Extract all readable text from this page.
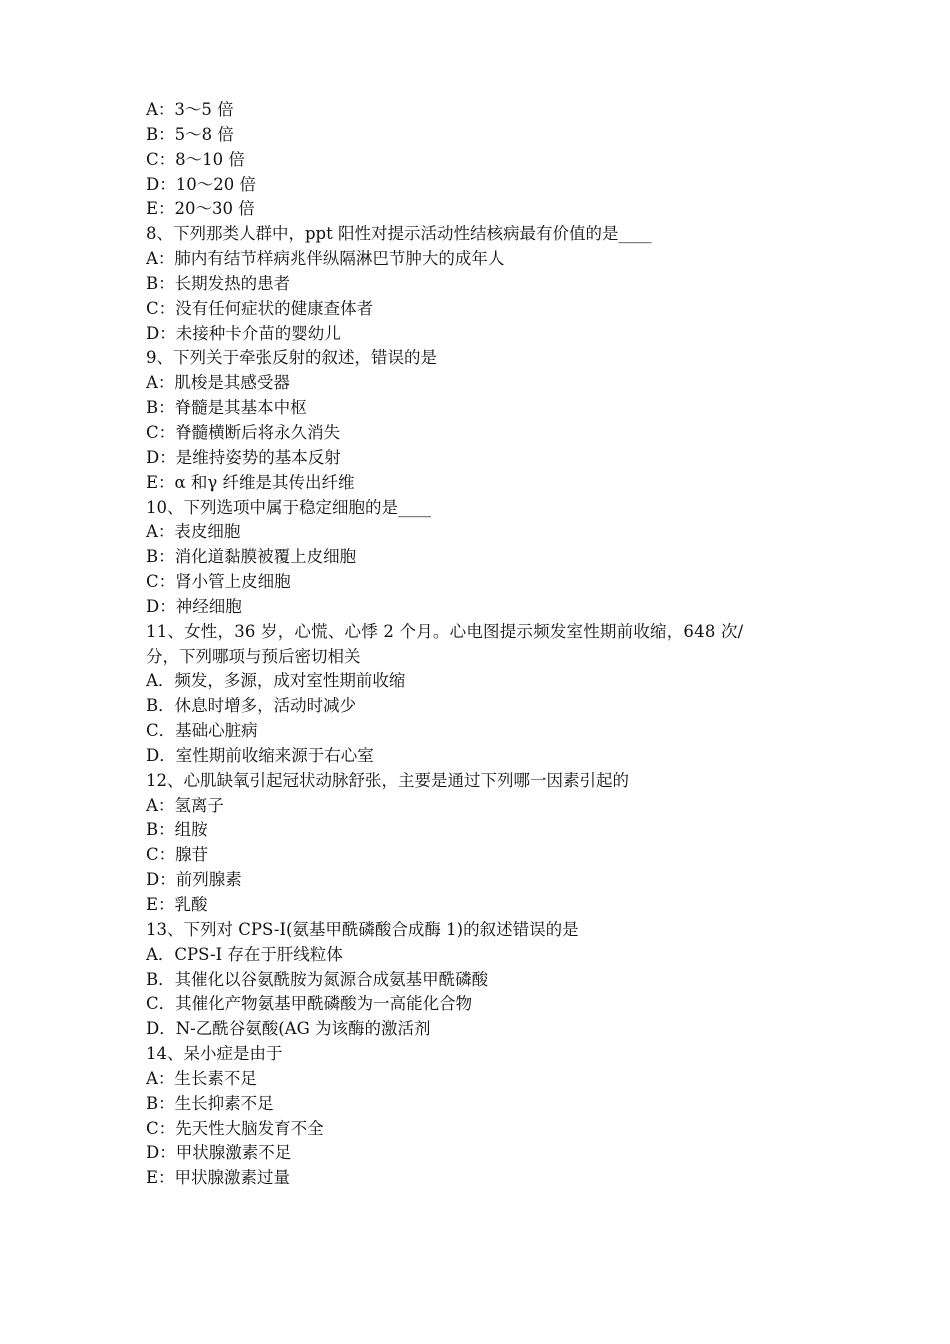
A：3～5 倍
B：5～8 倍
C：8～10 倍
D：10～20 倍
E：20～30 倍
8、下列那类人群中，ppt 阳性对提示活动性结核病最有价值的是____
A：肺内有结节样病兆伴纵隔淋巴节肿大的成年人
B：长期发热的患者
C：没有任何症状的健康查体者
D：未接种卡介苗的婴幼儿
9、下列关于牵张反射的叙述，错误的是
A：肌梭是其感受器
B：脊髓是其基本中枢
C：脊髓横断后将永久消失
D：是维持姿势的基本反射
E：α 和γ 纤维是其传出纤维
10、下列选项中属于稳定细胞的是____
A：表皮细胞
B：消化道黏膜被覆上皮细胞
C：肾小管上皮细胞
D：神经细胞
11、女性，36 岁，心慌、心悸 2 个月。心电图提示频发室性期前收缩，648 次/
分，下列哪项与预后密切相关
A．频发，多源，成对室性期前收缩
B．休息时增多，活动时减少
C．基础心脏病
D．室性期前收缩来源于右心室
12、心肌缺氧引起冠状动脉舒张，主要是通过下列哪一因素引起的
A：氢离子
B：组胺
C：腺苷
D：前列腺素
E：乳酸
13、下列对 CPS-I(氨基甲酰磷酸合成酶 1)的叙述错误的是
A．CPS-I 存在于肝线粒体
B．其催化以谷氨酰胺为氮源合成氨基甲酰磷酸
C．其催化产物氨基甲酰磷酸为一高能化合物
D．N-乙酰谷氨酸(AG 为该酶的激活剂
14、呆小症是由于
A：生长素不足
B：生长抑素不足
C：先天性大脑发育不全
D：甲状腺激素不足
E：甲状腺激素过量
